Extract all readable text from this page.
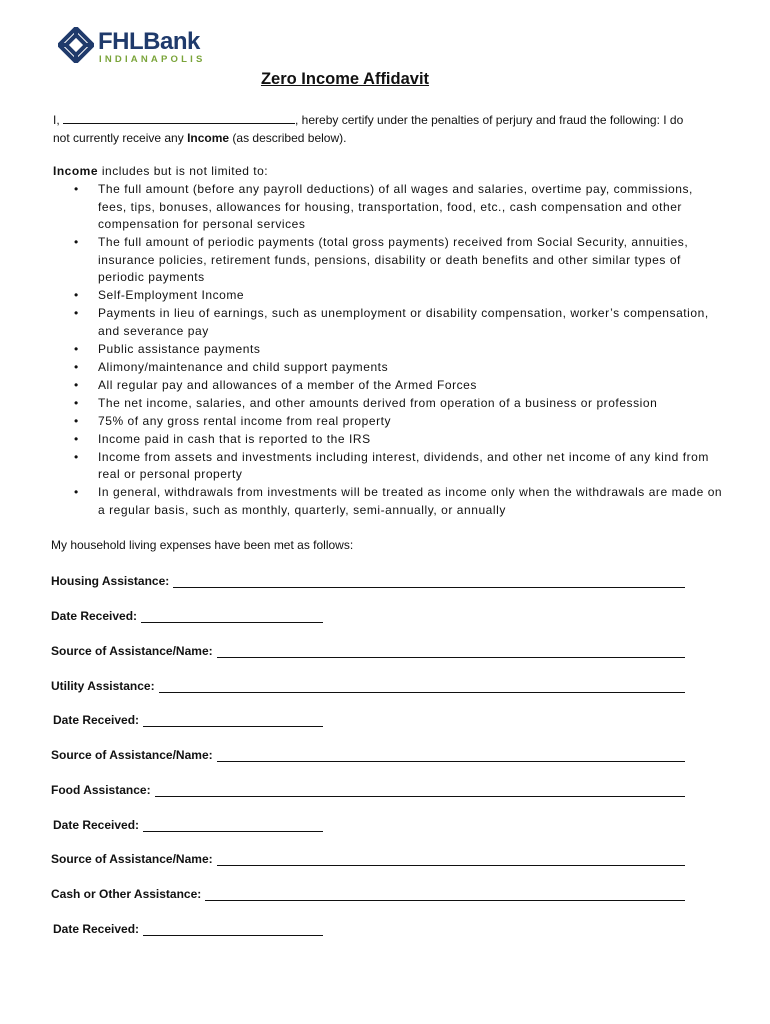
FHLBank
INDIANAPOLIS
Zero Income Affidavit
I,	, hereby certify under the penalties of perjury and fraud the following: I do
not currently receive any Income (as described below).
Income includes but is not limited to:
• The full amount (before any payroll deductions) of all wages and salaries, overtime pay, commissions, fees, tips, bonuses, allowances for housing, transportation, food, etc., cash compensation and other compensation for personal services
• The full amount of periodic payments (total gross payments) received from Social Security, annuities, insurance policies, retirement funds, pensions, disability or death benefits and other similar types of periodic payments
• Self-Employment Income
• Payments in lieu of earnings, such as unemployment or disability compensation, worker’s compensation, and severance pay
• Public assistance payments
• Alimony/maintenance and child support payments
• All regular pay and allowances of a member of the Armed Forces
• The net income, salaries, and other amounts derived from operation of a business or profession
• 75% of any gross rental income from real property
• Income paid in cash that is reported to the IRS
• Income from assets and investments including interest, dividends, and other net income of any kind from real or personal property
• In general, withdrawals from investments will be treated as income only when the withdrawals are made on a regular basis, such as monthly, quarterly, semi-annually, or annually
My household living expenses have been met as follows:
Housing Assistance:
Date Received:
Source of Assistance/Name:
Utility Assistance:
Date Received:
Source of Assistance/Name:
Food Assistance:
Date Received:
Source of Assistance/Name:
Cash or Other Assistance:
Date Received:
